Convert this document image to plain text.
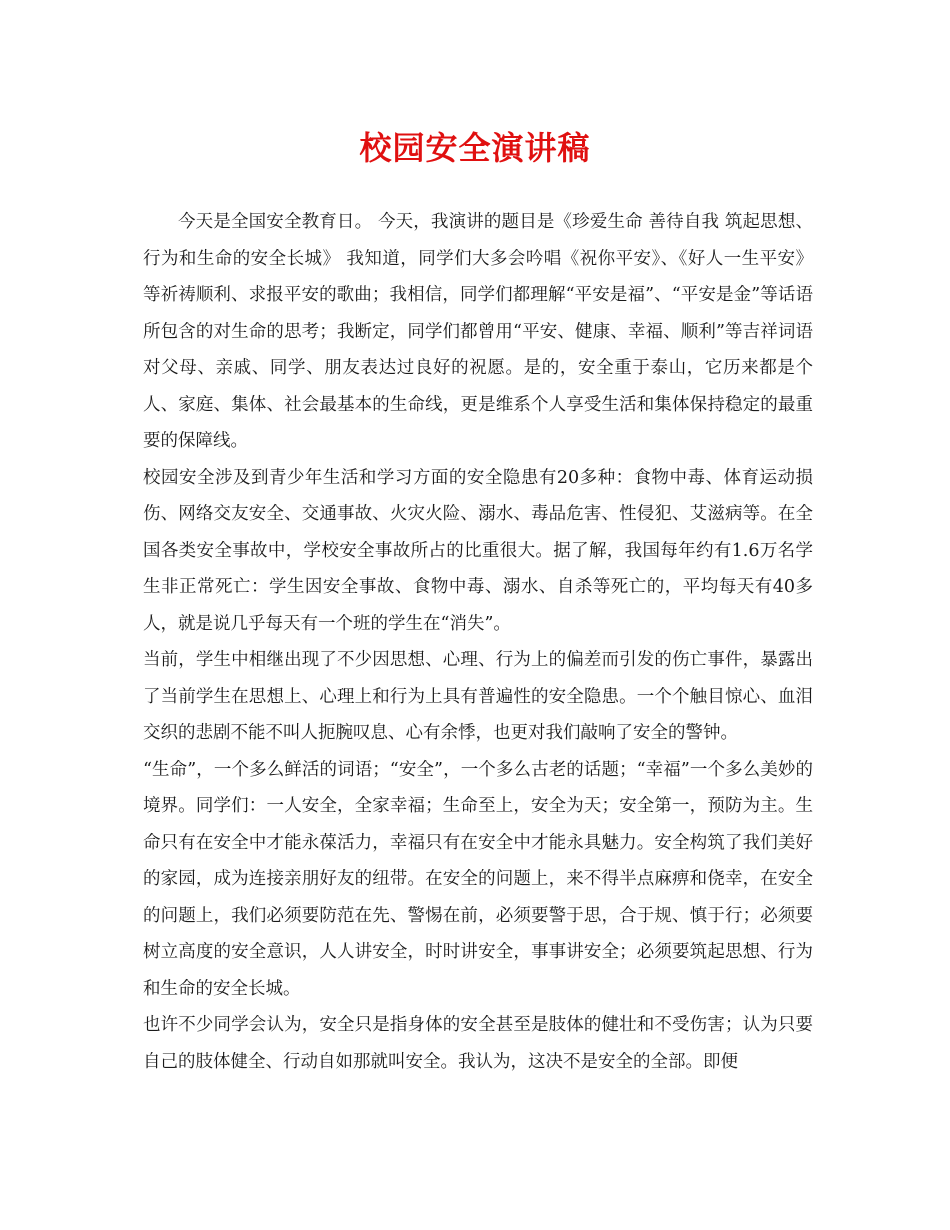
校园安全演讲稿

今天是全国安全教育日。 今天，我演讲的题目是《珍爱生命 善待自我 筑起思想、行为和生命的安全长城》 我知道，同学们大多会吟唱《祝你平安》、《好人一生平安》等祈祷顺利、求报平安的歌曲；我相信，同学们都理解“平安是福”、“平安是金”等话语所包含的对生命的思考；我断定，同学们都曾用“平安、健康、幸福、顺利”等吉祥词语对父母、亲戚、同学、朋友表达过良好的祝愿。是的，安全重于泰山，它历来都是个人、家庭、集体、社会最基本的生命线，更是维系个人享受生活和集体保持稳定的最重要的保障线。

校园安全涉及到青少年生活和学习方面的安全隐患有20多种：食物中毒、体育运动损伤、网络交友安全、交通事故、火灾火险、溺水、毒品危害、性侵犯、艾滋病等。在全国各类安全事故中，学校安全事故所占的比重很大。据了解，我国每年约有1.6万名学生非正常死亡：学生因安全事故、食物中毒、溺水、自杀等死亡的，平均每天有40多人，就是说几乎每天有一个班的学生在“消失”。

当前，学生中相继出现了不少因思想、心理、行为上的偏差而引发的伤亡事件，暴露出了当前学生在思想上、心理上和行为上具有普遍性的安全隐患。一个个触目惊心、血泪交织的悲剧不能不叫人扼腕叹息、心有余悸，也更对我们敲响了安全的警钟。

“生命”，一个多么鲜活的词语；“安全”，一个多么古老的话题；“幸福”一个多么美妙的境界。同学们：一人安全，全家幸福；生命至上，安全为天；安全第一，预防为主。生命只有在安全中才能永葆活力，幸福只有在安全中才能永具魅力。安全构筑了我们美好的家园，成为连接亲朋好友的纽带。在安全的问题上，来不得半点麻痹和侥幸，在安全的问题上，我们必须要防范在先、警惕在前，必须要警于思，合于规、慎于行；必须要树立高度的安全意识，人人讲安全，时时讲安全，事事讲安全；必须要筑起思想、行为和生命的安全长城。

也许不少同学会认为，安全只是指身体的安全甚至是肢体的健壮和不受伤害；认为只要自己的肢体健全、行动自如那就叫安全。我认为，这决不是安全的全部。即便
